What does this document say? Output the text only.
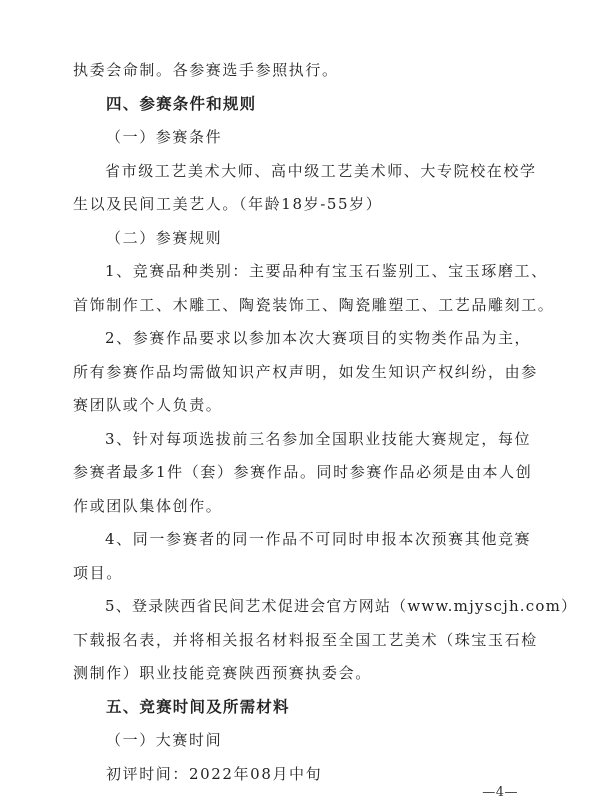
执委会命制。各参赛选手参照执行。
四、参赛条件和规则
（一）参赛条件
省市级工艺美术大师、高中级工艺美术师、大专院校在校学
生以及民间工美艺人。（年龄18岁-55岁）
（二）参赛规则
1、竞赛品种类别：主要品种有宝玉石鉴别工、宝玉琢磨工、
首饰制作工、木雕工、陶瓷装饰工、陶瓷雕塑工、工艺品雕刻工。
2、参赛作品要求以参加本次大赛项目的实物类作品为主，
所有参赛作品均需做知识产权声明，如发生知识产权纠纷，由参
赛团队或个人负责。
3、针对每项选拔前三名参加全国职业技能大赛规定，每位
参赛者最多1件（套）参赛作品。同时参赛作品必须是由本人创
作或团队集体创作。
4、同一参赛者的同一作品不可同时申报本次预赛其他竞赛
项目。
5、登录陕西省民间艺术促进会官方网站（www.mjyscjh.com）
下载报名表，并将相关报名材料报至全国工艺美术（珠宝玉石检
测制作）职业技能竞赛陕西预赛执委会。
五、竞赛时间及所需材料
（一）大赛时间
初评时间：2022年08月中旬
—4—
